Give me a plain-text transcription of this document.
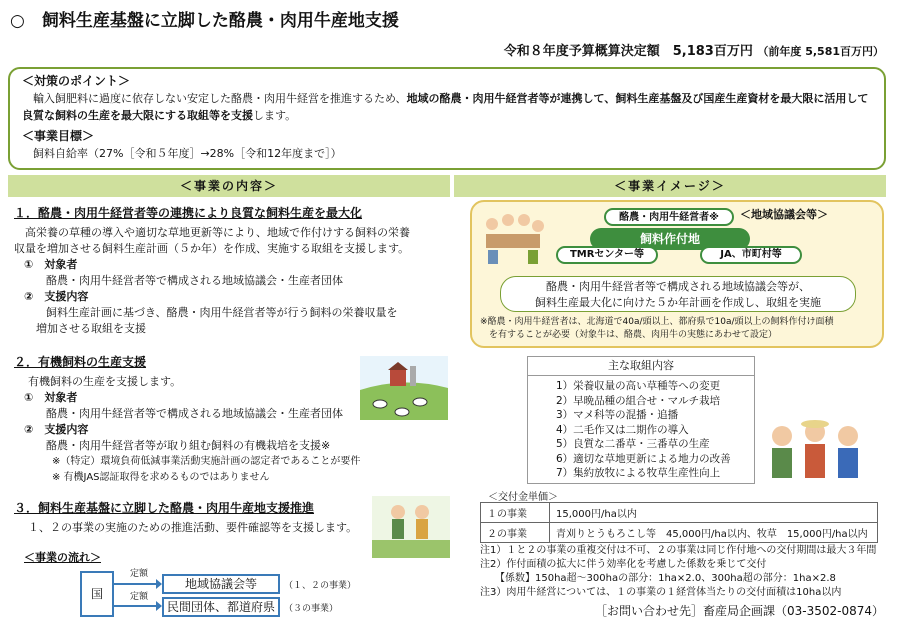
○　飼料生産基盤に立脚した酪農・肉用牛産地支援
令和８年度予算概算決定額　5,183百万円 （前年度 5,581百万円）
＜対策のポイント＞

　輸入飼肥料に過度に依存しない安定した酪農・肉用牛経営を推進するため、地域の酪農・肉用牛経営者等が連携して、飼料生産基盤及び国産生産資材を最大限に活用して良質な飼料の生産を最大限にする取組等を支援します。

＜事業目標＞

　飼料自給率（27%［令和５年度］→28%［令和12年度まで］）

＜事業の内容＞	＜事業イメージ＞
１．酪農・肉用牛経営者等の連携により良質な飼料生産を最大化
　高栄養の草種の導入や適切な草地更新等により、地域で作付けする飼料の栄養
収量を増加させる飼料生産計画（５か年）を作成、実施する取組を支援します。
①　対象者
酪農・肉用牛経営者等で構成される地域協議会・生産者団体
②　支援内容
飼料生産計画に基づき、酪農・肉用牛経営者等が行う飼料の栄養収量を
増加させる取組を支援
２．有機飼料の生産支援
有機飼料の生産を支援します。
①　対象者
酪農・肉用牛経営者等で構成される地域協議会・生産者団体
②　支援内容
酪農・肉用牛経営者等が取り組む飼料の有機栽培を支援※
※（特定）環境負荷低減事業活動実施計画の認定者であることが要件
※ 有機JAS認証取得を求めるものではありません
３．飼料生産基盤に立脚した酪農・肉用牛産地支援推進
１、２の事業の実施のための推進活動、要件確認等を支援します。
＜事業の流れ＞
国
定額
定額
地域協議会等	（１、２の事業）
民間団体、都道府県	（３の事業）
＜地域協議会等＞
酪農・肉用牛経営者※
飼料作付地
TMRセンター等	JA、市町村等
酪農・肉用牛経営者等で構成される地域協議会等が、
飼料生産最大化に向けた５か年計画を作成し、取組を実施
※酪農・肉用牛経営者は、北海道で40a/頭以上、都府県で10a/頭以上の飼料作付け面積
　を有することが必要（対象牛は、酪農、肉用牛の実態にあわせて設定）
主な取組内容
1）栄養収量の高い草種等への変更
2）早晩品種の組合せ・マルチ栽培
3）マメ科等の混播・追播
4）二毛作又は二期作の導入
5）良質な二番草・三番草の生産
6）適切な草地更新による地力の改善
7）集約放牧による牧草生産性向上
＜交付金単価＞
１の事業	15,000円/ha以内
２の事業	青刈りとうもろこし等　45,000円/ha以内、牧草　15,000円/ha以内
注1）１と２の事業の重複交付は不可、２の事業は同じ作付地への交付期間は最大３年間
注2）作付面積の拡大に伴う効率化を考慮した係数を乗じて交付
　　【係数】150ha超～300haの部分：1ha×2.0、300ha超の部分：1ha×2.8
注3）肉用牛経営については、１の事業の１経営体当たりの交付面積は10ha以内
［お問い合わせ先］畜産局企画課（03-3502-0874）
